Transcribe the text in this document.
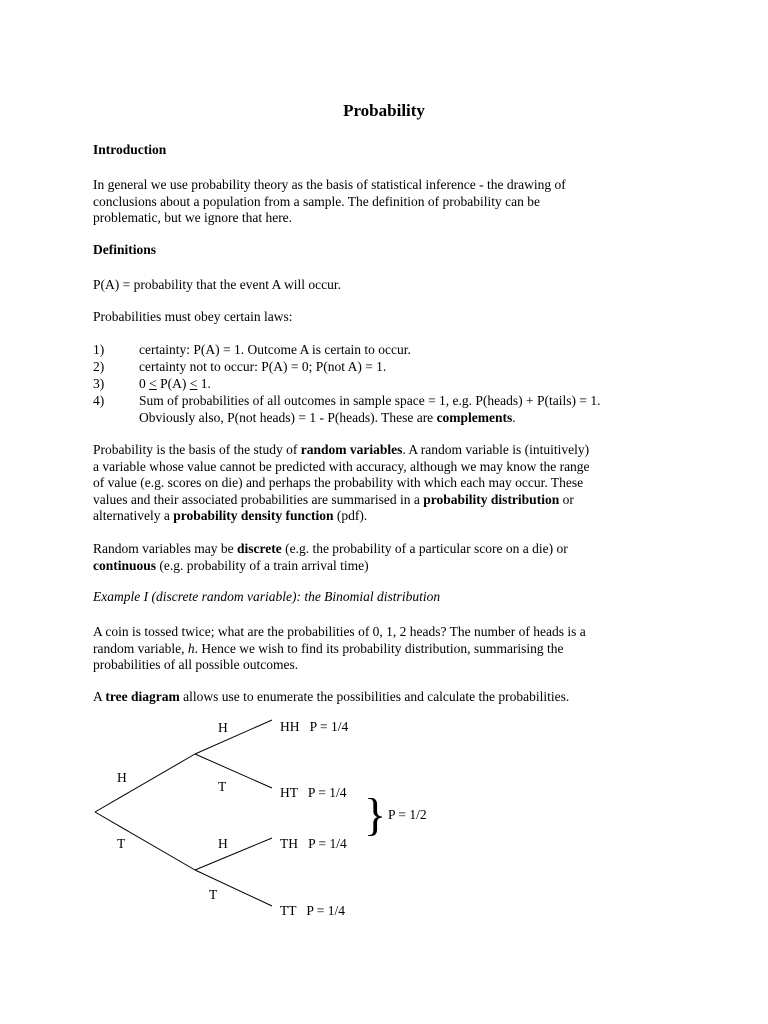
Probability
Introduction
In general we use probability theory as the basis of statistical inference - the drawing of
conclusions about a population from a sample. The definition of probability can be
problematic, but we ignore that here.
Definitions
P(A) = probability that the event A will occur.
Probabilities must obey certain laws:
1)	certainty: P(A) = 1. Outcome A is certain to occur.
2)	certainty not to occur: P(A) = 0; P(not A) = 1.
3)	0 ≤ P(A) ≤ 1.
4)	Sum of probabilities of all outcomes in sample space = 1, e.g. P(heads) + P(tails) = 1.
Obviously also, P(not heads) = 1 - P(heads). These are complements.
Probability is the basis of the study of random variables. A random variable is (intuitively)
a variable whose value cannot be predicted with accuracy, although we may know the range
of value (e.g. scores on die) and perhaps the probability with which each may occur. These
values and their associated probabilities are summarised in a probability distribution or
alternatively a probability density function (pdf).
Random variables may be discrete (e.g. the probability of a particular score on a die) or
continuous (e.g. probability of a train arrival time)
Example I (discrete random variable): the Binomial distribution
A coin is tossed twice; what are the probabilities of 0, 1, 2 heads? The number of heads is a
random variable, h. Hence we wish to find its probability distribution, summarising the
probabilities of all possible outcomes.
A tree diagram allows use to enumerate the possibilities and calculate the probabilities.
H
T
H
T
H
T
HH   P = 1/4
HT   P = 1/4
TH   P = 1/4
TT   P = 1/4
} P = 1/2
